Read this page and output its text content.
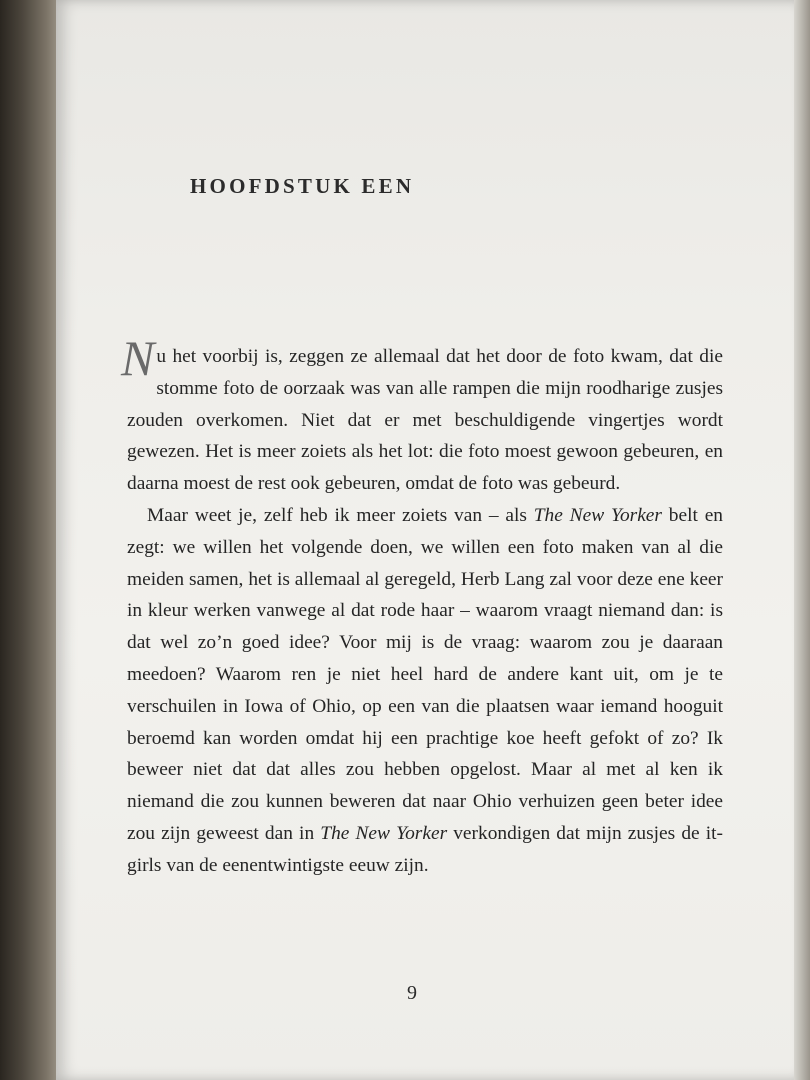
HOOFDSTUK EEN

Nu het voorbij is, zeggen ze allemaal dat het door de foto kwam, dat die stomme foto de oorzaak was van alle rampen die mijn roodharige zusjes zouden overkomen. Niet dat er met beschuldigende vingertjes wordt gewezen. Het is meer zoiets als het lot: die foto moest gewoon gebeuren, en daarna moest de rest ook gebeuren, omdat de foto was gebeurd.

Maar weet je, zelf heb ik meer zoiets van – als The New Yorker belt en zegt: we willen het volgende doen, we willen een foto maken van al die meiden samen, het is allemaal al geregeld, Herb Lang zal voor deze ene keer in kleur werken vanwege al dat rode haar – waarom vraagt niemand dan: is dat wel zo’n goed idee? Voor mij is de vraag: waarom zou je daaraan meedoen? Waarom ren je niet heel hard de andere kant uit, om je te verschuilen in Iowa of Ohio, op een van die plaatsen waar iemand hooguit beroemd kan worden omdat hij een prachtige koe heeft gefokt of zo? Ik beweer niet dat dat alles zou hebben opgelost. Maar al met al ken ik niemand die zou kunnen beweren dat naar Ohio verhuizen geen beter idee zou zijn geweest dan in The New Yorker verkondigen dat mijn zusjes de it-girls van de eenentwintigste eeuw zijn.

9
